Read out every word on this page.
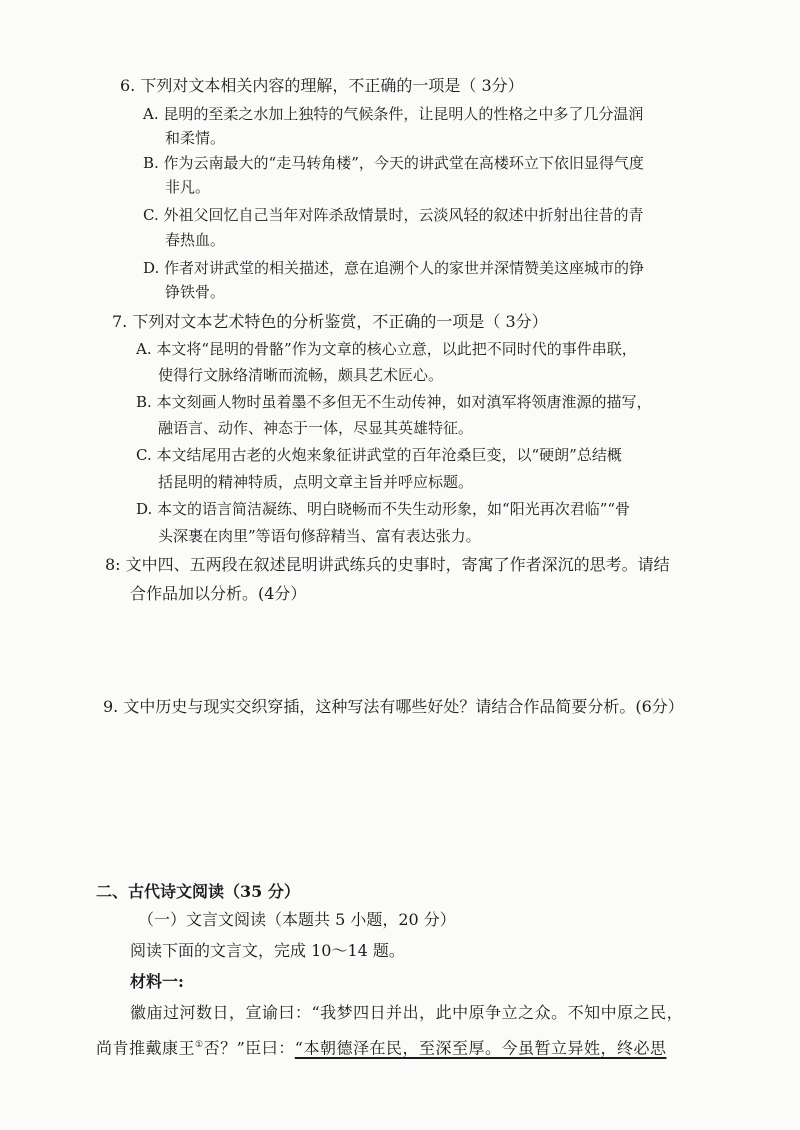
6. 下列对文本相关内容的理解，不正确的一项是（ 3分）
A. 昆明的至柔之水加上独特的气候条件，让昆明人的性格之中多了几分温润
和柔情。
B. 作为云南最大的“走马转角楼”，今天的讲武堂在高楼环立下依旧显得气度
非凡。
C. 外祖父回忆自己当年对阵杀敌情景时，云淡风轻的叙述中折射出往昔的青
春热血。
D. 作者对讲武堂的相关描述，意在追溯个人的家世并深情赞美这座城市的铮
铮铁骨。
7. 下列对文本艺术特色的分析鉴赏，不正确的一项是（ 3分）
A. 本文将“昆明的骨骼”作为文章的核心立意，以此把不同时代的事件串联，
使得行文脉络清晰而流畅，颇具艺术匠心。
B. 本文刻画人物时虽着墨不多但无不生动传神，如对滇军将领唐淮源的描写，
融语言、动作、神态于一体，尽显其英雄特征。
C. 本文结尾用古老的火炮来象征讲武堂的百年沧桑巨变，以“硬朗”总结概
括昆明的精神特质，点明文章主旨并呼应标题。
D. 本文的语言简洁凝练、明白晓畅而不失生动形象，如“阳光再次君临”“骨
头深裹在肉里”等语句修辞精当、富有表达张力。
8: 文中四、五两段在叙述昆明讲武练兵的史事时，寄寓了作者深沉的思考。请结
合作品加以分析。(4分）
9. 文中历史与现实交织穿插，这种写法有哪些好处？请结合作品简要分析。(6分）
二、古代诗文阅读（35 分）
（一）文言文阅读（本题共 5 小题，20 分）
阅读下面的文言文，完成 10～14 题。
材料一:
徽庙过河数日，宣谕曰：“我梦四日并出，此中原争立之众。不知中原之民，
尚肯推戴康王①否？”臣曰：“本朝德泽在民，至深至厚。今虽暂立异姓，终必思
